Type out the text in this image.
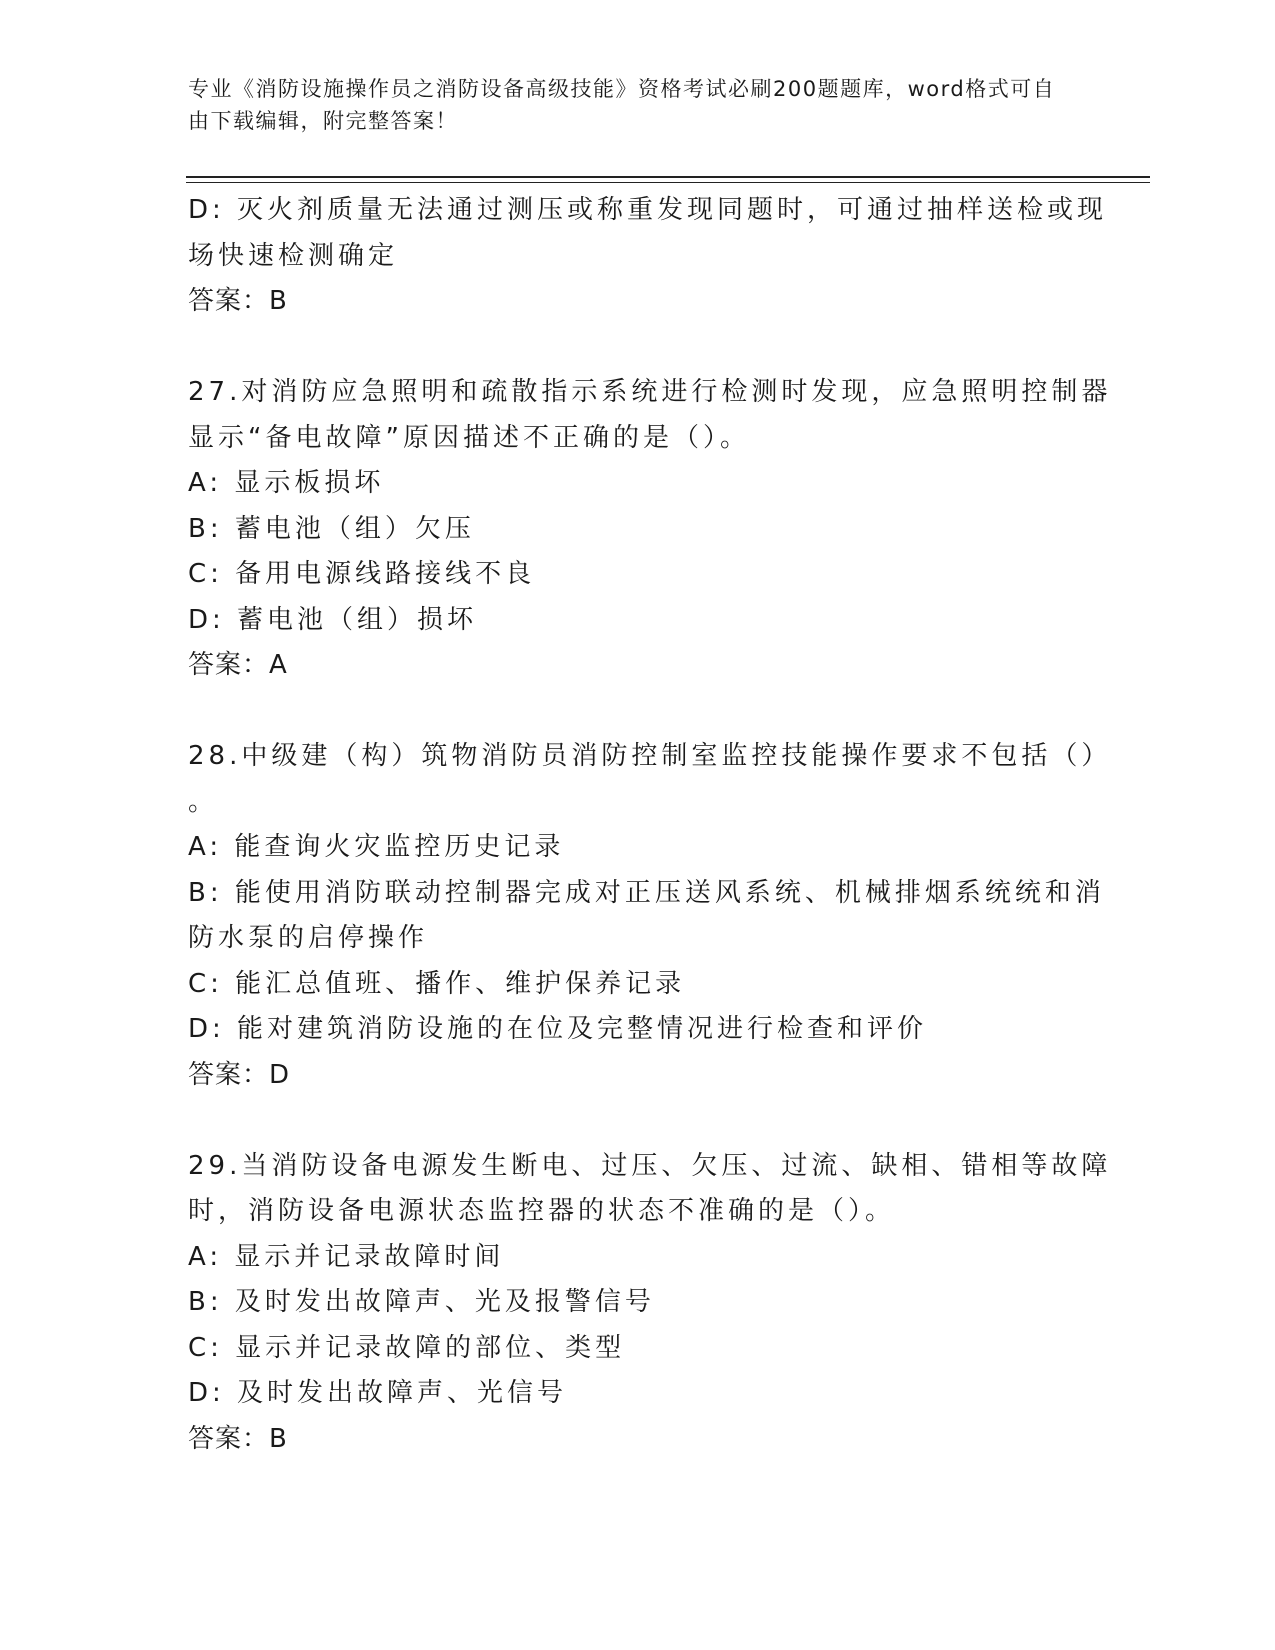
专业《消防设施操作员之消防设备高级技能》资格考试必刷200题题库，word格式可自由下载编辑，附完整答案！
D: 灭火剂质量无法通过测压或称重发现同题时，可通过抽样送检或现
场快速检测确定
答案：B
27.对消防应急照明和疏散指示系统进行检测时发现，应急照明控制器
显示“备电故障”原因描述不正确的是（）。
A: 显示板损坏
B: 蓄电池（组）欠压
C: 备用电源线路接线不良
D: 蓄电池（组）损坏
答案：A
28.中级建（构）筑物消防员消防控制室监控技能操作要求不包括（）
。
A: 能查询火灾监控历史记录
B: 能使用消防联动控制器完成对正压送风系统、机械排烟系统统和消
防水泵的启停操作
C: 能汇总值班、播作、维护保养记录
D: 能对建筑消防设施的在位及完整情况进行检查和评价
答案：D
29.当消防设备电源发生断电、过压、欠压、过流、缺相、错相等故障
时，消防设备电源状态监控器的状态不准确的是（）。
A: 显示并记录故障时间
B: 及时发出故障声、光及报警信号
C: 显示并记录故障的部位、类型
D: 及时发出故障声、光信号
答案：B
